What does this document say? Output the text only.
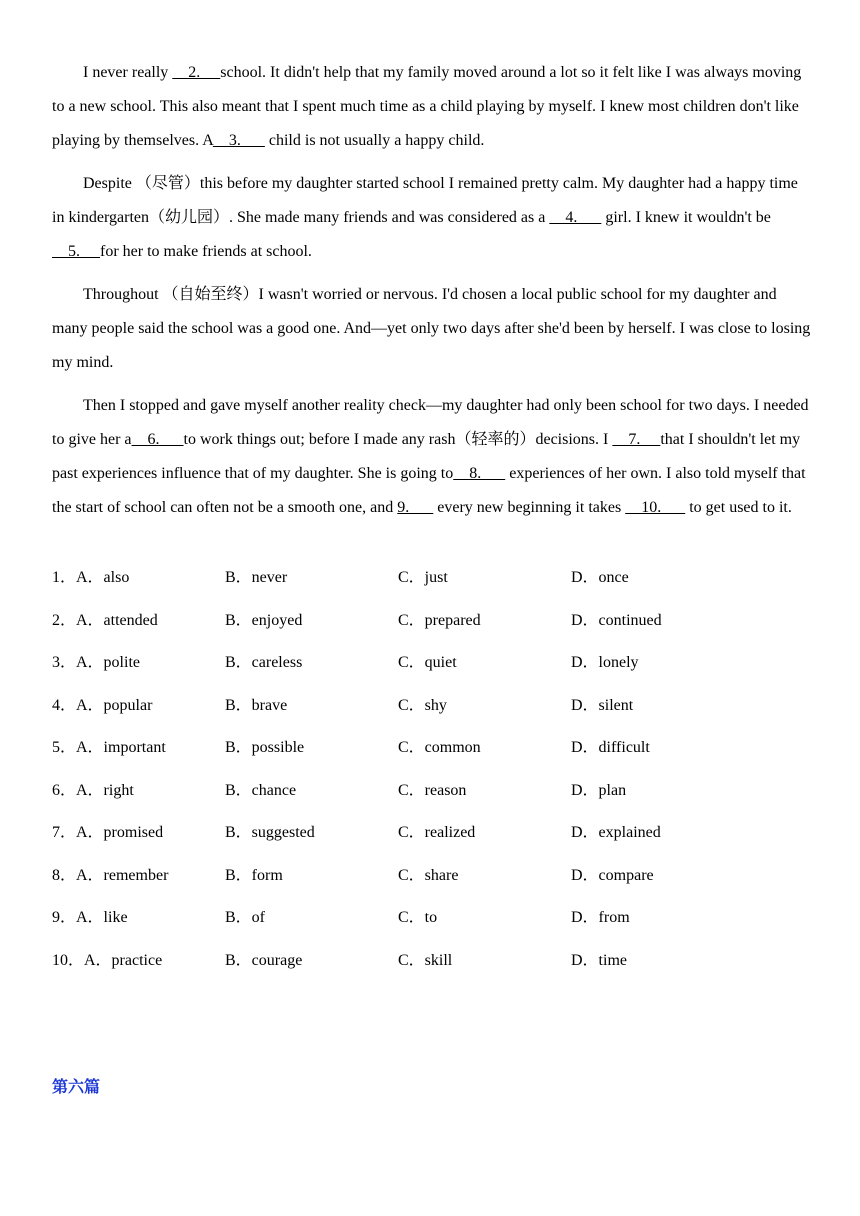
I never really     2.     school. It didn't help that my family moved around a lot so it felt like I was always moving to a new school. This also meant that I spent much time as a child playing by myself. I knew most children don't like playing by themselves. A    3.       child is not usually a happy child.

Despite （尽管）this before my daughter started school I remained pretty calm. My daughter had a happy time in kindergarten（幼儿园）. She made many friends and was considered as a     4.       girl. I knew it wouldn't be     5.     for her to make friends at school.

Throughout （自始至终）I wasn't worried or nervous. I'd chosen a local public school for my daughter and many people said the school was a good one. And—yet only two days after she'd been by herself. I was close to losing my mind.

Then I stopped and gave myself another reality check—my daughter had only been school for two days. I needed to give her a    6.      to work things out; before I made any rash（轻率的）decisions. I     7.     that I shouldn't let my past experiences influence that of my daughter. She is going to    8.       experiences of her own. I also told myself that the start of school can often not be a smooth one, and 9.       every new beginning it takes     10.       to get used to it.

1．A．also	B．never	C．just	D．once
2．A．attended	B．enjoyed	C．prepared	D．continued
3．A．polite	B．careless	C．quiet	D．lonely
4．A．popular	B．brave	C．shy	D．silent
5．A．important	B．possible	C．common	D．difficult
6．A．right	B．chance	C．reason	D．plan
7．A．promised	B．suggested	C．realized	D．explained
8．A．remember	B．form	C．share	D．compare
9．A．like	B．of	C．to	D．from
10．A．practice	B．courage	C．skill	D．time
第六篇
